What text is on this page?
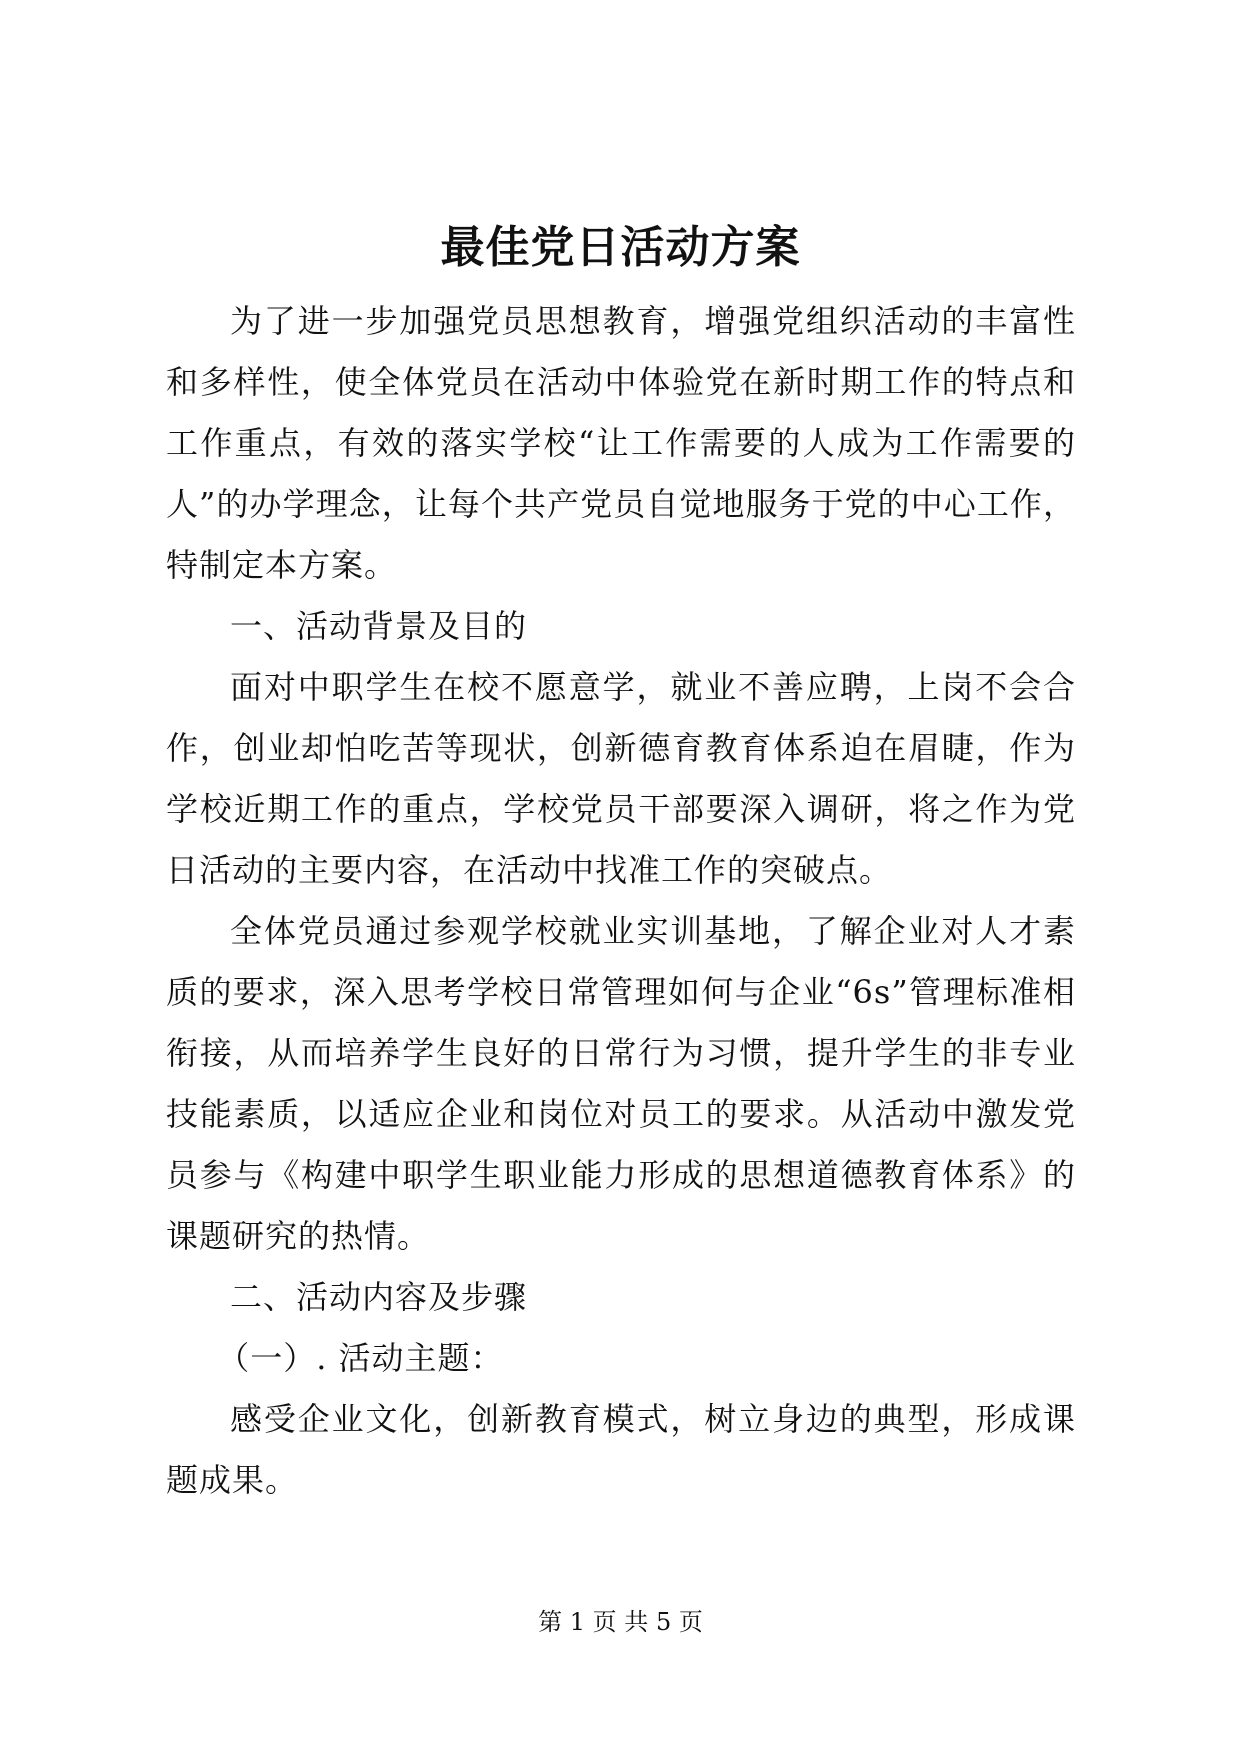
最佳党日活动方案

为了进一步加强党员思想教育，增强党组织活动的丰富性和多样性，使全体党员在活动中体验党在新时期工作的特点和工作重点，有效的落实学校“让工作需要的人成为工作需要的人”的办学理念，让每个共产党员自觉地服务于党的中心工作，特制定本方案。

一、活动背景及目的

面对中职学生在校不愿意学，就业不善应聘，上岗不会合作，创业却怕吃苦等现状，创新德育教育体系迫在眉睫，作为学校近期工作的重点，学校党员干部要深入调研，将之作为党日活动的主要内容，在活动中找准工作的突破点。

全体党员通过参观学校就业实训基地，了解企业对人才素质的要求，深入思考学校日常管理如何与企业“6s”管理标准相衔接，从而培养学生良好的日常行为习惯，提升学生的非专业技能素质，以适应企业和岗位对员工的要求。从活动中激发党员参与《构建中职学生职业能力形成的思想道德教育体系》的课题研究的热情。

二、活动内容及步骤

（一）. 活动主题：

感受企业文化，创新教育模式，树立身边的典型，形成课题成果。

第 1 页 共 5 页
